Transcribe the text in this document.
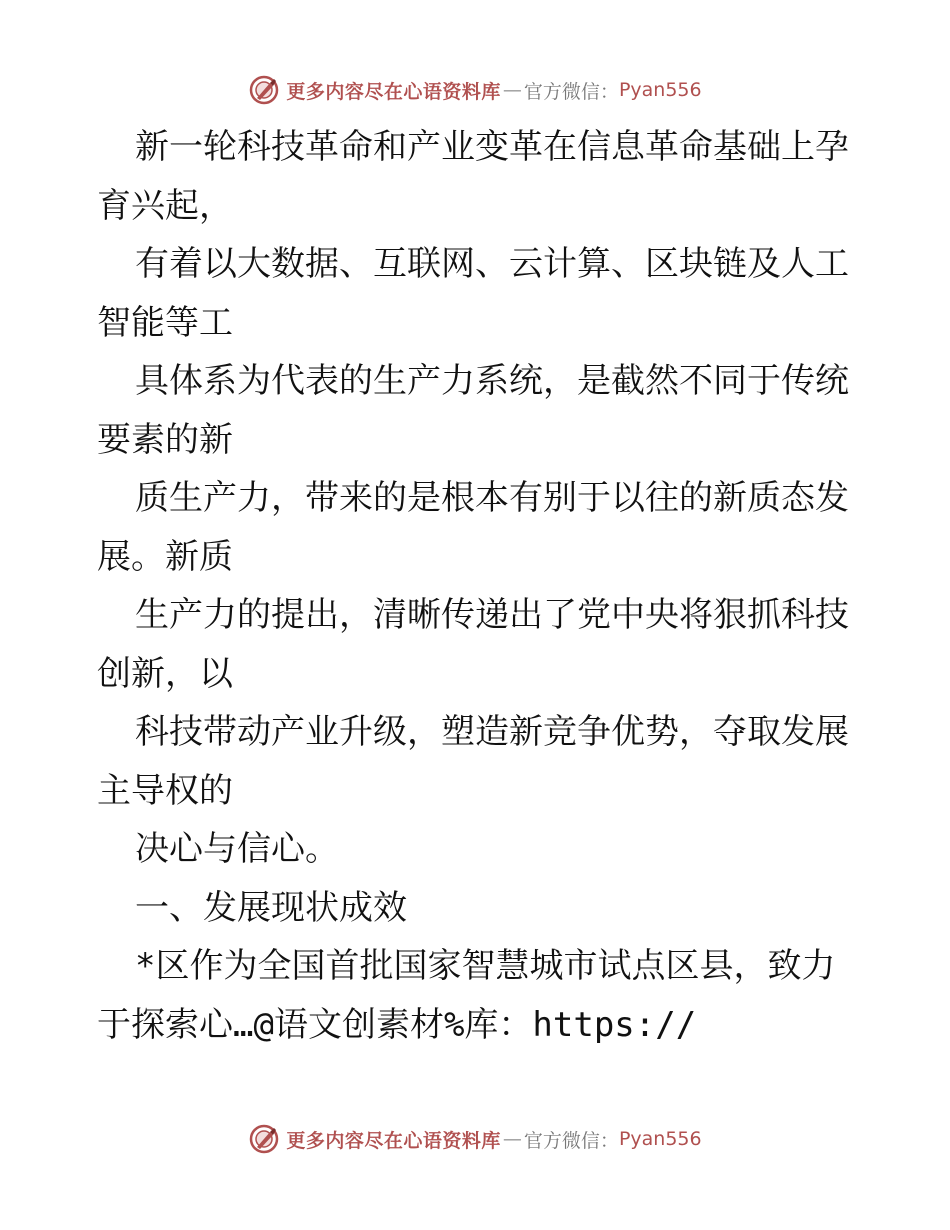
更多内容尽在心语资料库 — 官方微信： Pyan556

新一轮科技革命和产业变革在信息革命基础上孕育兴起，

有着以大数据、互联网、云计算、区块链及人工智能等工

具体系为代表的生产力系统，是截然不同于传统要素的新

质生产力，带来的是根本有别于以往的新质态发展。新质

生产力的提出，清晰传递出了党中央将狠抓科技创新，以

科技带动产业升级，塑造新竞争优势，夺取发展主导权的

决心与信心。

一、发展现状成效

*区作为全国首批国家智慧城市试点区县，致力于探索心…@语文创素材%库：https://

更多内容尽在心语资料库 — 官方微信： Pyan556
